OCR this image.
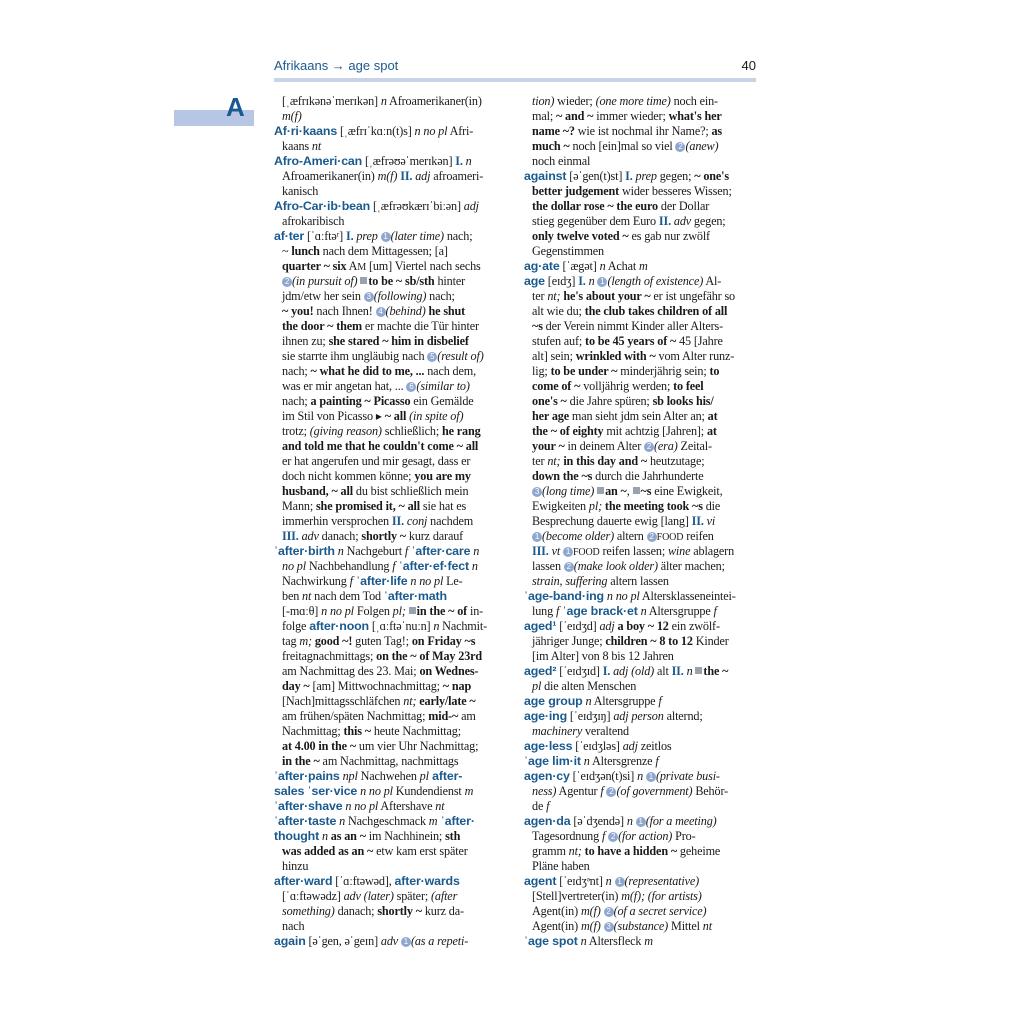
Afrikaans → age spot	40
A	[ˌæfrɪkənəˈmerɪkən] n Afroamerikaner(in)
m(f)
Af·ri·kaans [ˌæfrɪˈkɑːn(t)s] n no pl Afri-
kaans nt
Afro-Ameri·can [ˌæfrəʊəˈmerɪkən] I. n
Afroamerikaner(in) m(f) II. adj afroameri-
kanisch
Afro-Car·ib·bean [ˌæfrəʊkærɪˈbiːən] adj
afrokaribisch
af·ter [ˈɑːftəʳ] I. prep 1 (later time) nach;
~ lunch nach dem Mittagessen; [a]
quarter ~ six AM [um] Viertel nach sechs
2 (in pursuit of) to be ~ sb/sth hinter
jdm/etw her sein 3 (following) nach;
~ you! nach Ihnen! 4 (behind) he shut
the door ~ them er machte die Tür hinter
ihnen zu; she stared ~ him in disbelief
sie starrte ihm ungläubig nach 5 (result of)
nach; ~ what he did to me, ... nach dem,
was er mir angetan hat, ... 6 (similar to)
nach; a painting ~ Picasso ein Gemälde
im Stil von Picasso ▸ ~ all (in spite of)
trotz; (giving reason) schließlich; he rang
and told me that he couldn't come ~ all
er hat angerufen und mir gesagt, dass er
doch nicht kommen könne; you are my
husband, ~ all du bist schließlich mein
Mann; she promised it, ~ all sie hat es
immerhin versprochen II. conj nachdem
III. adv danach; shortly ~ kurz darauf
ˈafter·birth n Nachgeburt f ˈafter·care n
no pl Nachbehandlung f ˈafter·ef·fect n
Nachwirkung f ˈafter·life n no pl Le-
ben nt nach dem Tod ˈafter·math
[-mɑːθ] n no pl Folgen pl; in the ~ of in-
folge after·noon [ˌɑːftəˈnuːn] n Nachmit-
tag m; good ~! guten Tag!; on Friday ~s
freitagnachmittags; on the ~ of May 23rd
am Nachmittag des 23. Mai; on Wednes-
day ~ [am] Mittwochnachmittag; ~ nap
[Nach]mittagsschläfchen nt; early/late ~
am frühen/späten Nachmittag; mid-~ am
Nachmittag; this ~ heute Nachmittag;
at 4.00 in the ~ um vier Uhr Nachmittag;
in the ~ am Nachmittag, nachmittags
ˈafter·pains npl Nachwehen pl after-
sales ˈser·vice n no pl Kundendienst m
ˈafter·shave n no pl Aftershave nt
ˈafter·taste n Nachgeschmack m ˈafter·
thought n as an ~ im Nachhinein; sth
was added as an ~ etw kam erst später
hinzu
after·ward [ˈɑːftəwəd], after·wards
[ˈɑːftəwədz] adv (later) später; (after
something) danach; shortly ~ kurz da-
nach
again [əˈgen, əˈgeɪn] adv 1 (as a repeti-
tion) wieder; (one more time) noch ein-
mal; ~ and ~ immer wieder; what's her
name ~? wie ist nochmal ihr Name?; as
much ~ noch [ein]mal so viel 2 (anew)
noch einmal
against [əˈgen(t)st] I. prep gegen; ~ one's
better judgement wider besseres Wissen;
the dollar rose ~ the euro der Dollar
stieg gegenüber dem Euro II. adv gegen;
only twelve voted ~ es gab nur zwölf
Gegenstimmen
ag·ate [ˈægət] n Achat m
age [eɪdʒ] I. n 1 (length of existence) Al-
ter nt; he's about your ~ er ist ungefähr so
alt wie du; the club takes children of all
~s der Verein nimmt Kinder aller Alters-
stufen auf; to be 45 years of ~ 45 [Jahre
alt] sein; wrinkled with ~ vom Alter runz-
lig; to be under ~ minderjährig sein; to
come of ~ volljährig werden; to feel
one's ~ die Jahre spüren; sb looks his/
her age man sieht jdm sein Alter an; at
the ~ of eighty mit achtzig [Jahren]; at
your ~ in deinem Alter 2 (era) Zeital-
ter nt; in this day and ~ heutzutage;
down the ~s durch die Jahrhunderte
3 (long time) an ~, ~s eine Ewigkeit,
Ewigkeiten pl; the meeting took ~s die
Besprechung dauerte ewig [lang] II. vi
1 (become older) altern 2 FOOD reifen
III. vt 1 FOOD reifen lassen; wine ablagern
lassen 2 (make look older) älter machen;
strain, suffering altern lassen
ˈage-band·ing n no pl Altersklasseneintei-
lung f ˈage brack·et n Altersgruppe f
aged¹ [ˈeɪdʒd] adj a boy ~ 12 ein zwölf-
jähriger Junge; children ~ 8 to 12 Kinder
[im Alter] von 8 bis 12 Jahren
aged² [ˈeɪdʒɪd] I. adj (old) alt II. n the ~
pl die alten Menschen
age group n Altersgruppe f
age·ing [ˈeɪdʒɪŋ] adj person alternd;
machinery veraltend
age·less [ˈeɪdʒləs] adj zeitlos
ˈage lim·it n Altersgrenze f
agen·cy [ˈeɪdʒən(t)si] n 1 (private busi-
ness) Agentur f 2 (of government) Behör-
de f
agen·da [əˈdʒendə] n 1 (for a meeting)
Tagesordnung f 2 (for action) Pro-
gramm nt; to have a hidden ~ geheime
Pläne haben
agent [ˈeɪdʒᵊnt] n 1 (representative)
[Stell]vertreter(in) m(f); (for artists)
Agent(in) m(f) 2 (of a secret service)
Agent(in) m(f) 3 (substance) Mittel nt
ˈage spot n Altersfleck m
